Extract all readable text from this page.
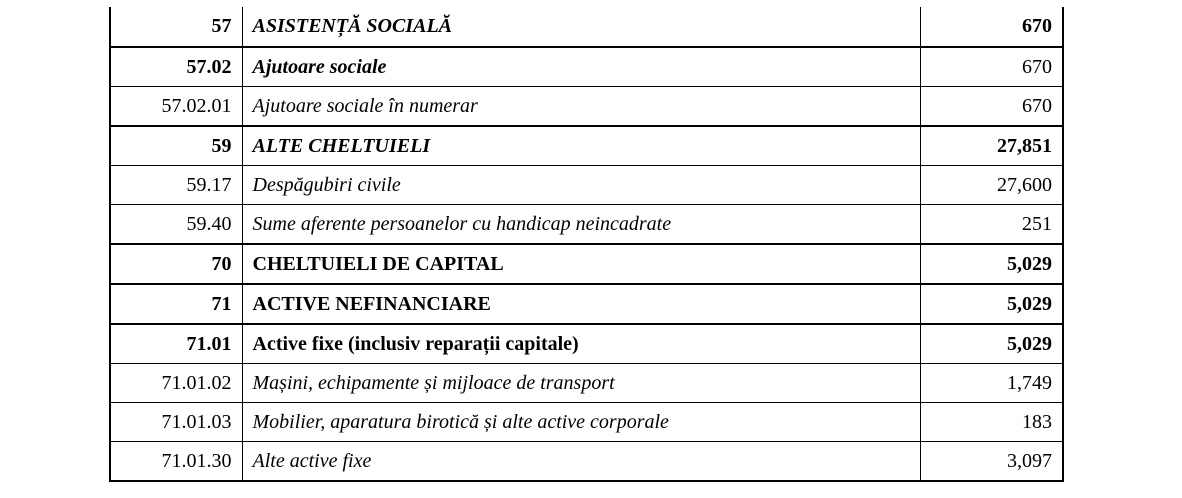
57	ASISTENȚĂ SOCIALĂ	670
57.02	Ajutoare sociale	670
57.02.01	Ajutoare sociale în numerar	670
59	ALTE CHELTUIELI	27,851
59.17	Despăgubiri civile	27,600
59.40	Sume aferente persoanelor cu handicap neincadrate	251
70	CHELTUIELI DE CAPITAL	5,029
71	ACTIVE NEFINANCIARE	5,029
71.01	Active fixe (inclusiv reparații capitale)	5,029
71.01.02	Mașini, echipamente și mijloace de transport	1,749
71.01.03	Mobilier, aparatura birotică și alte active corporale	183
71.01.30	Alte active fixe	3,097
